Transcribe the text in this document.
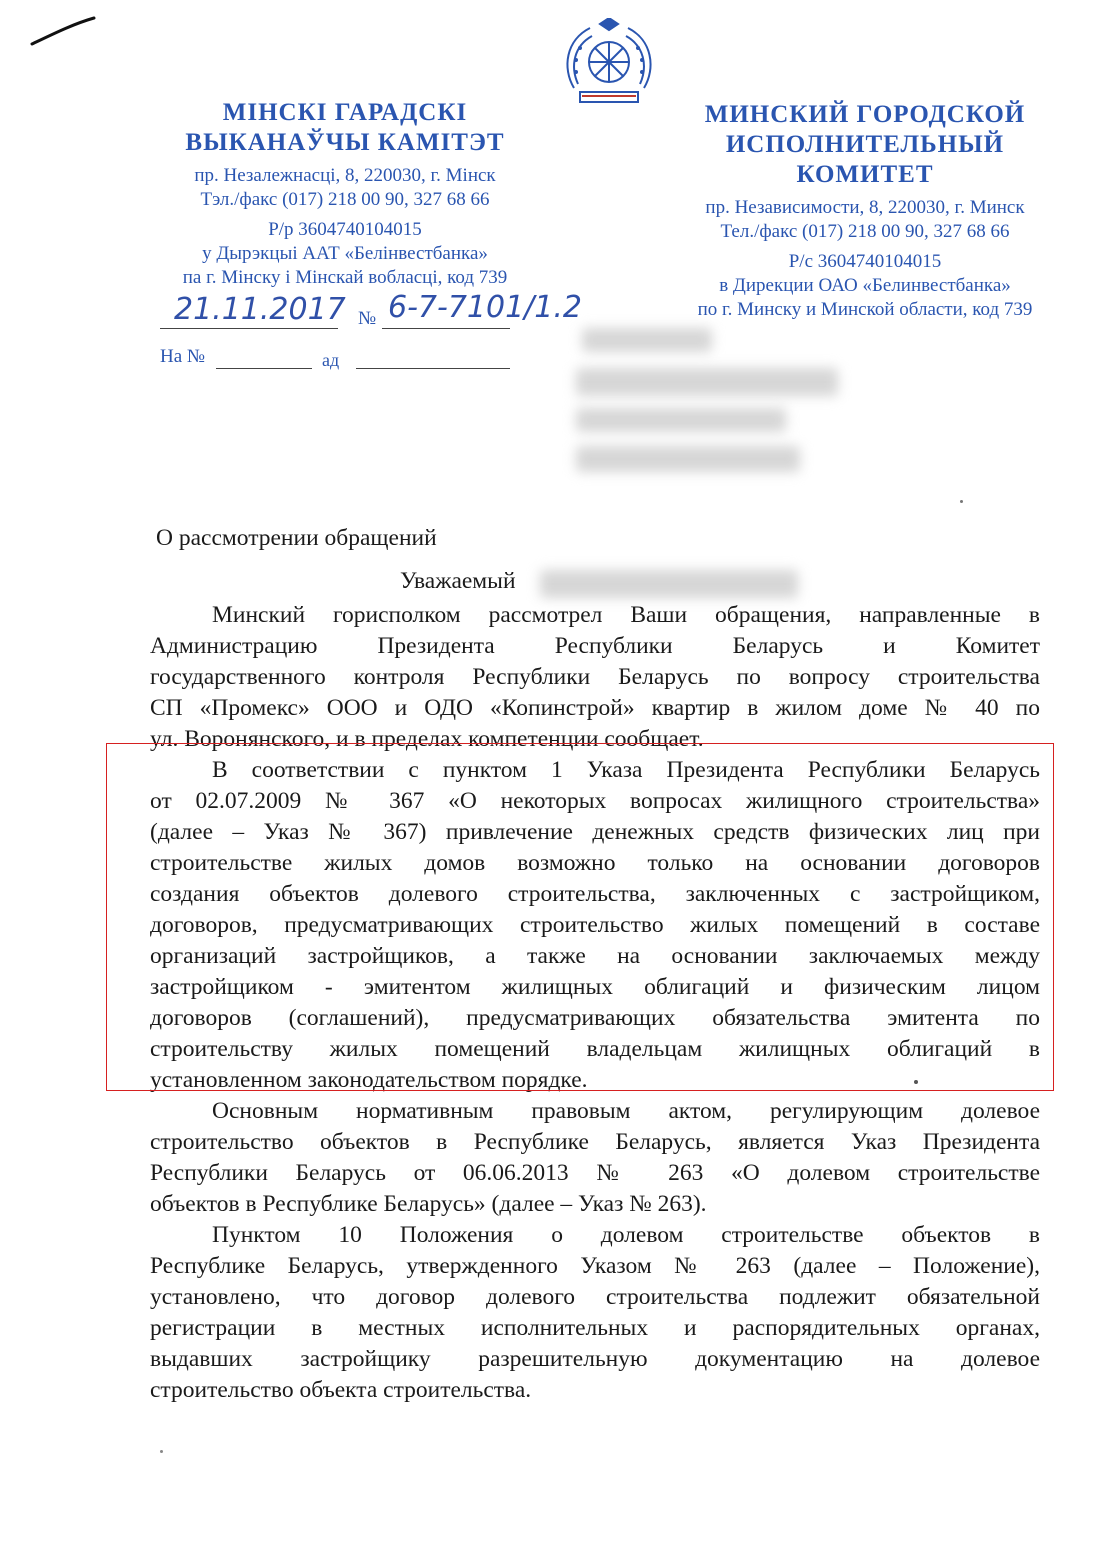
МІНСКІ ГАРАДСКІ
ВЫКАНАЎЧЫ КАМІТЭТ
пр. Незалежнасці, 8, 220030, г. Мінск
Тэл./факс (017) 218 00 90, 327 68 66
Р/р 3604740104015
у Дырэкцыі ААТ «Белінвестбанка»
па г. Мінску і Мінскай вобласці, код 739
МИНСКИЙ ГОРОДСКОЙ
ИСПОЛНИТЕЛЬНЫЙ КОМИТЕТ
пр. Независимости, 8, 220030, г. Минск
Тел./факс (017) 218 00 90, 327 68 66
Р/с 3604740104015
в Дирекции ОАО «Белинвестбанка»
по г. Минску и Минской области, код 739
21.11.2017 № 6-7-7101/1.2
На №	ад
О рассмотрении обращений
Уважаемый
Минский горисполком рассмотрел Ваши обращения, направленные в
Администрацию Президента Республики Беларусь и Комитет
государственного контроля Республики Беларусь по вопросу строительства
СП «Промекс» ООО и ОДО «Копинстрой» квартир в жилом доме № 40 по
ул. Воронянского, и в пределах компетенции сообщает.
В соответствии с пунктом 1 Указа Президента Республики Беларусь
от 02.07.2009 № 367 «О некоторых вопросах жилищного строительства»
(далее – Указ № 367) привлечение денежных средств физических лиц при
строительстве жилых домов возможно только на основании договоров
создания объектов долевого строительства, заключенных с застройщиком,
договоров, предусматривающих строительство жилых помещений в составе
организаций застройщиков, а также на основании заключаемых между
застройщиком - эмитентом жилищных облигаций и физическим лицом
договоров (соглашений), предусматривающих обязательства эмитента по
строительству жилых помещений владельцам жилищных облигаций в
установленном законодательством порядке.
Основным нормативным правовым актом, регулирующим долевое
строительство объектов в Республике Беларусь, является Указ Президента
Республики Беларусь от 06.06.2013 № 263 «О долевом строительстве
объектов в Республике Беларусь» (далее – Указ № 263).
Пунктом 10 Положения о долевом строительстве объектов в
Республике Беларусь, утвержденного Указом № 263 (далее – Положение),
установлено, что договор долевого строительства подлежит обязательной
регистрации в местных исполнительных и распорядительных органах,
выдавших застройщику разрешительную документацию на долевое
строительство объекта строительства.
